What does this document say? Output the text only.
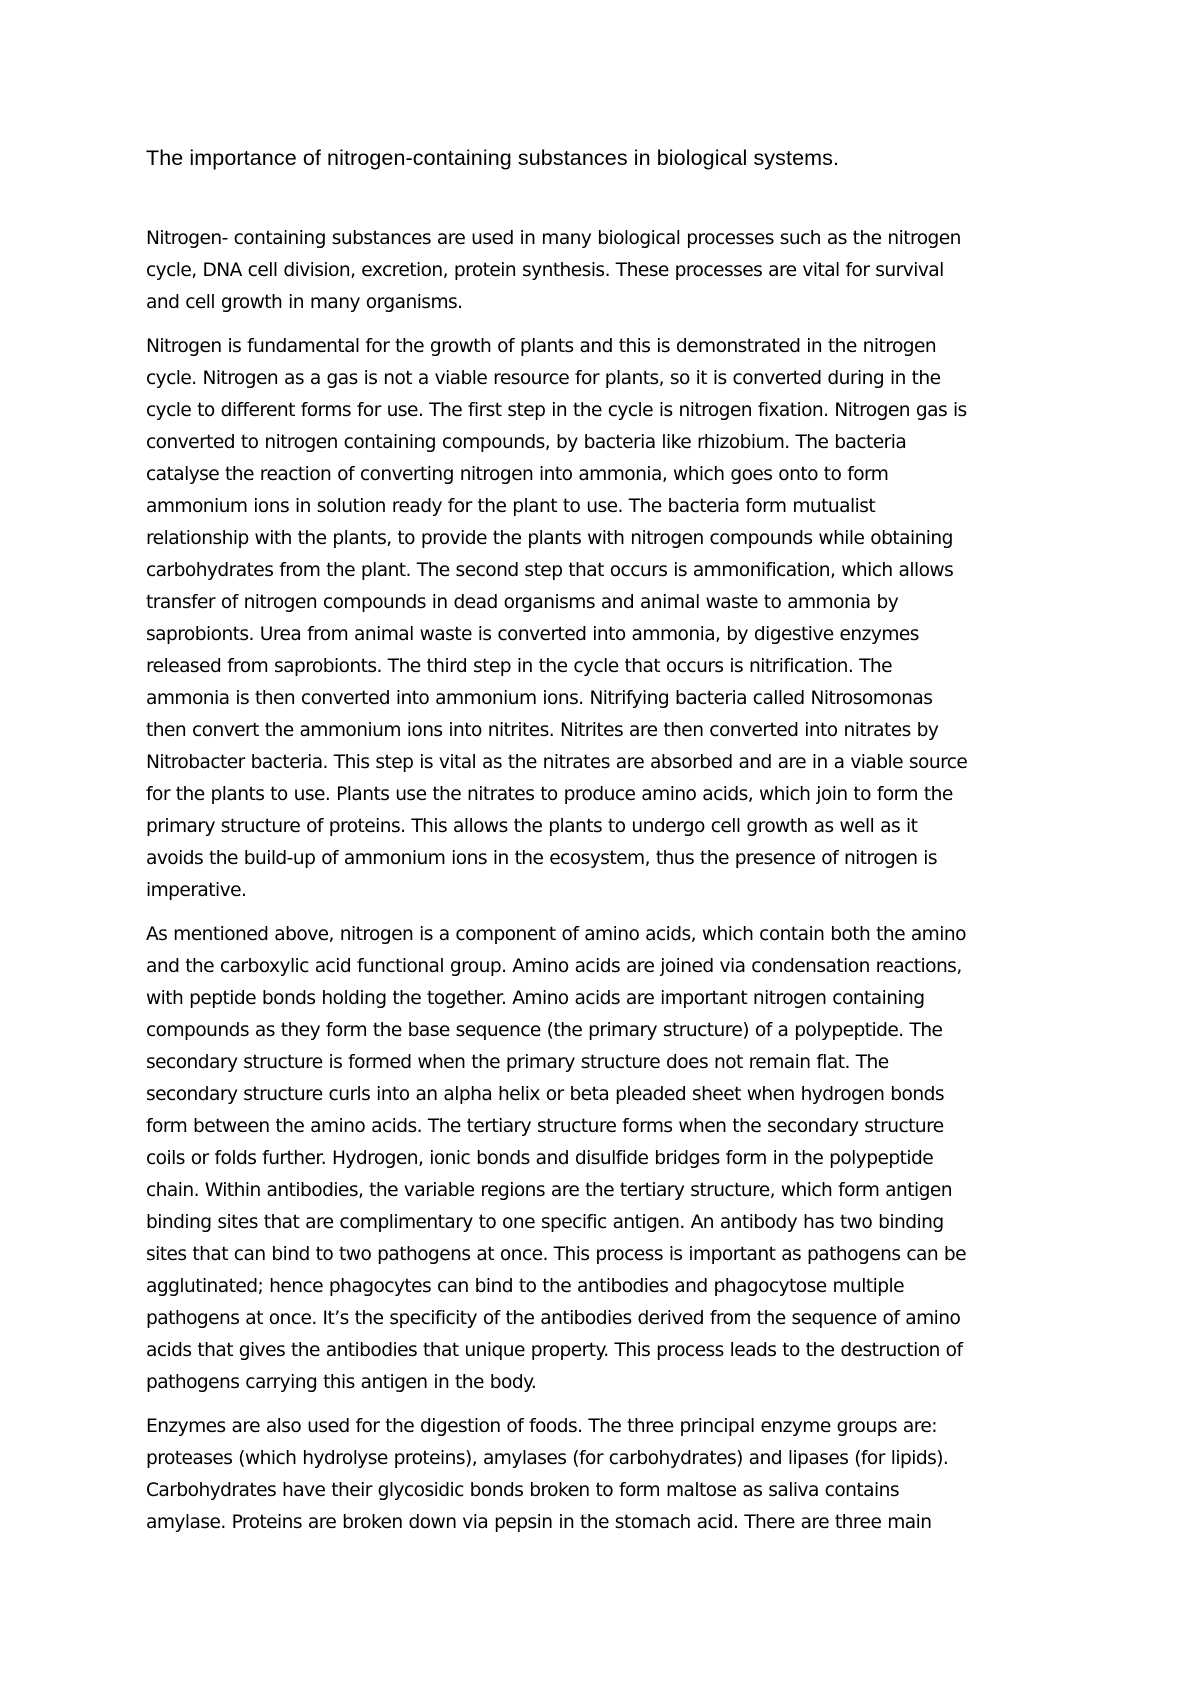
The importance of nitrogen-containing substances in biological systems.

Nitrogen- containing substances are used in many biological processes such as the nitrogen
cycle, DNA cell division, excretion, protein synthesis. These processes are vital for survival
and cell growth in many organisms.

Nitrogen is fundamental for the growth of plants and this is demonstrated in the nitrogen
cycle. Nitrogen as a gas is not a viable resource for plants, so it is converted during in the
cycle to different forms for use. The first step in the cycle is nitrogen fixation. Nitrogen gas is
converted to nitrogen containing compounds, by bacteria like rhizobium. The bacteria
catalyse the reaction of converting nitrogen into ammonia, which goes onto to form
ammonium ions in solution ready for the plant to use. The bacteria form mutualist
relationship with the plants, to provide the plants with nitrogen compounds while obtaining
carbohydrates from the plant. The second step that occurs is ammonification, which allows
transfer of nitrogen compounds in dead organisms and animal waste to ammonia by
saprobionts. Urea from animal waste is converted into ammonia, by digestive enzymes
released from saprobionts. The third step in the cycle that occurs is nitrification. The
ammonia is then converted into ammonium ions. Nitrifying bacteria called Nitrosomonas
then convert the ammonium ions into nitrites. Nitrites are then converted into nitrates by
Nitrobacter bacteria. This step is vital as the nitrates are absorbed and are in a viable source
for the plants to use. Plants use the nitrates to produce amino acids, which join to form the
primary structure of proteins. This allows the plants to undergo cell growth as well as it
avoids the build-up of ammonium ions in the ecosystem, thus the presence of nitrogen is
imperative.

As mentioned above, nitrogen is a component of amino acids, which contain both the amino
and the carboxylic acid functional group. Amino acids are joined via condensation reactions,
with peptide bonds holding the together. Amino acids are important nitrogen containing
compounds as they form the base sequence (the primary structure) of a polypeptide. The
secondary structure is formed when the primary structure does not remain flat. The
secondary structure curls into an alpha helix or beta pleaded sheet when hydrogen bonds
form between the amino acids. The tertiary structure forms when the secondary structure
coils or folds further. Hydrogen, ionic bonds and disulfide bridges form in the polypeptide
chain. Within antibodies, the variable regions are the tertiary structure, which form antigen
binding sites that are complimentary to one specific antigen. An antibody has two binding
sites that can bind to two pathogens at once. This process is important as pathogens can be
agglutinated; hence phagocytes can bind to the antibodies and phagocytose multiple
pathogens at once. It’s the specificity of the antibodies derived from the sequence of amino
acids that gives the antibodies that unique property. This process leads to the destruction of
pathogens carrying this antigen in the body.

Enzymes are also used for the digestion of foods. The three principal enzyme groups are:
proteases (which hydrolyse proteins), amylases (for carbohydrates) and lipases (for lipids).
Carbohydrates have their glycosidic bonds broken to form maltose as saliva contains
amylase. Proteins are broken down via pepsin in the stomach acid. There are three main
